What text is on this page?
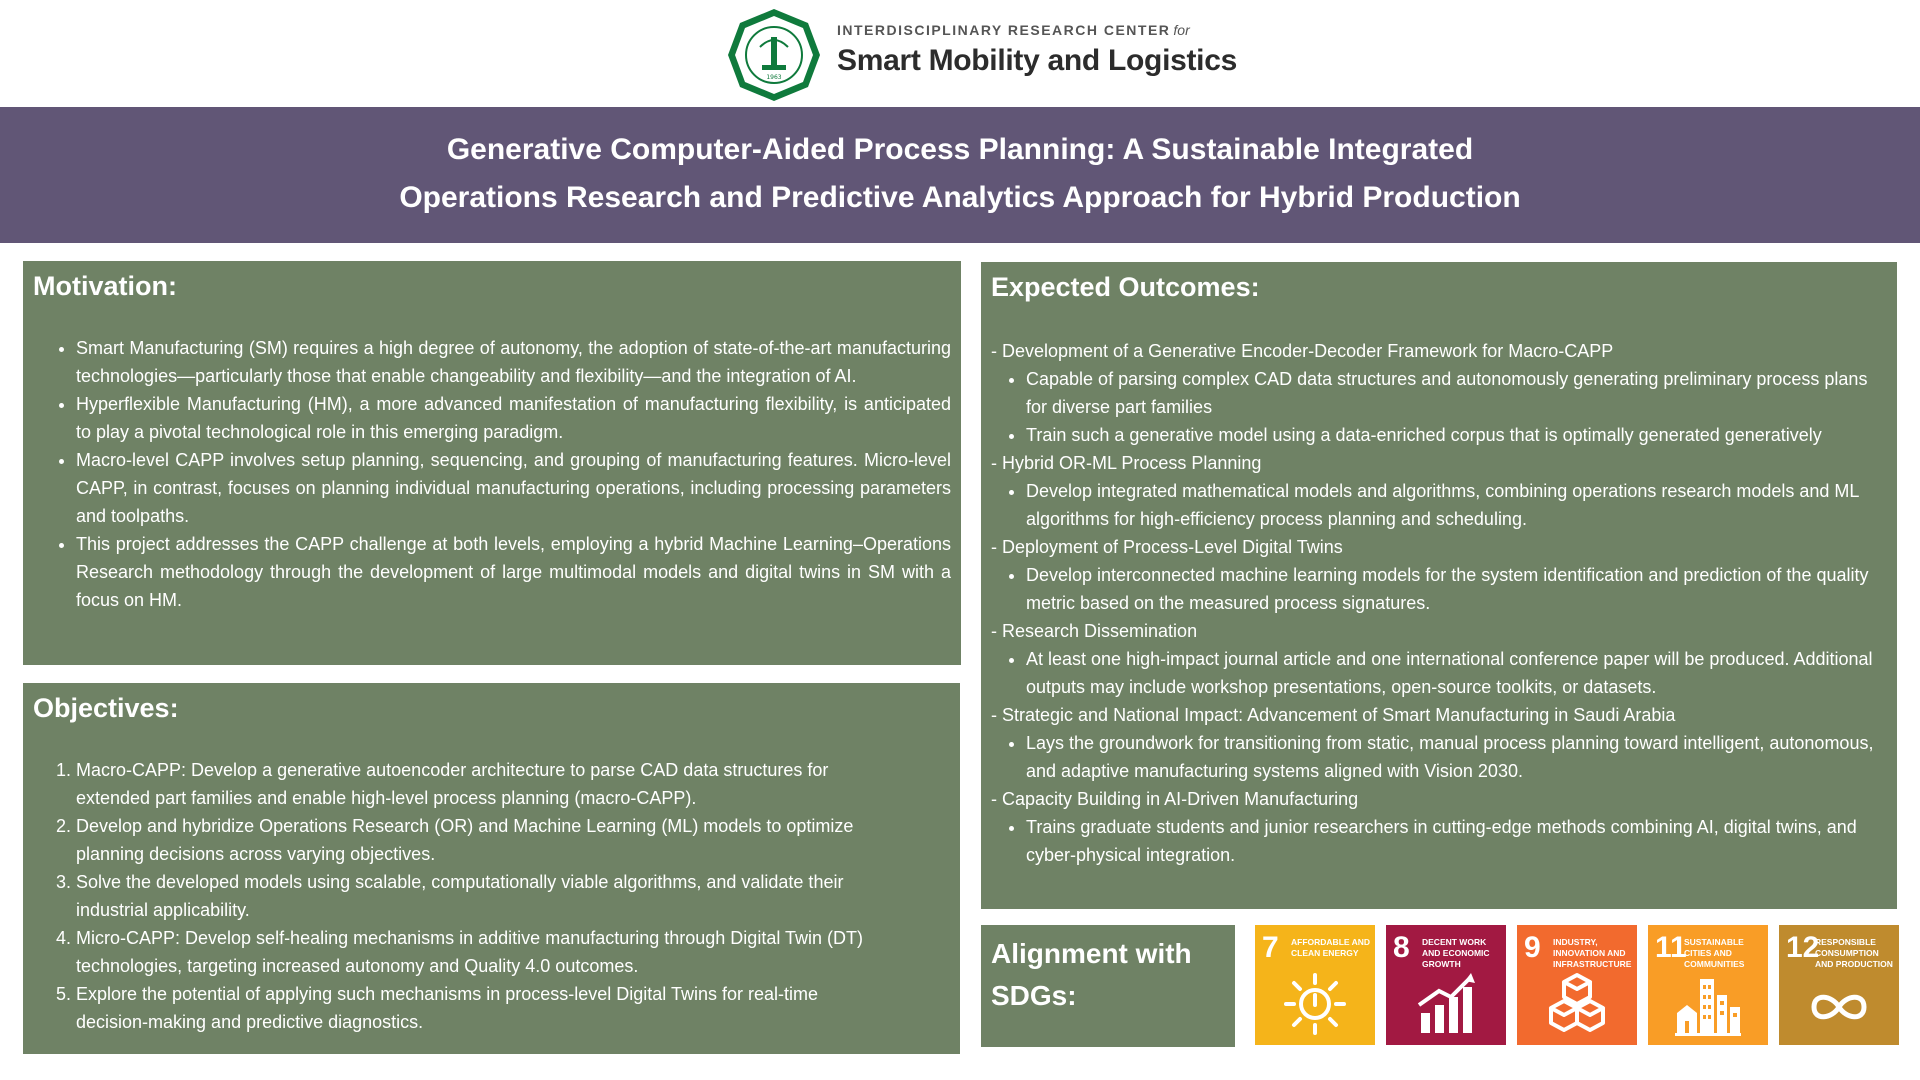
1963
INTERDISCIPLINARY RESEARCH CENTER for
Smart Mobility and Logistics
Generative Computer-Aided Process Planning: A Sustainable Integrated
Operations Research and Predictive Analytics Approach for Hybrid Production
Motivation:
• Smart Manufacturing (SM) requires a high degree of autonomy, the adoption of state-of-the-art manufacturing technologies—particularly those that enable changeability and flexibility—and the integration of AI.
• Hyperflexible Manufacturing (HM), a more advanced manifestation of manufacturing flexibility, is anticipated to play a pivotal technological role in this emerging paradigm.
• Macro-level CAPP involves setup planning, sequencing, and grouping of manufacturing features. Micro-level CAPP, in contrast, focuses on planning individual manufacturing operations, including processing parameters and toolpaths.
• This project addresses the CAPP challenge at both levels, employing a hybrid Machine Learning–Operations Research methodology through the development of large multimodal models and digital twins in SM with a focus on HM.
Objectives:
1. Macro-CAPP: Develop a generative autoencoder architecture to parse CAD data structures for extended part families and enable high-level process planning (macro-CAPP).
2. Develop and hybridize Operations Research (OR) and Machine Learning (ML) models to optimize planning decisions across varying objectives.
3. Solve the developed models using scalable, computationally viable algorithms, and validate their industrial applicability.
4. Micro-CAPP: Develop self-healing mechanisms in additive manufacturing through Digital Twin (DT) technologies, targeting increased autonomy and Quality 4.0 outcomes.
5. Explore the potential of applying such mechanisms in process-level Digital Twins for real-time decision-making and predictive diagnostics.
Expected Outcomes:
- Development of a Generative Encoder-Decoder Framework for Macro-CAPP
• Capable of parsing complex CAD data structures and autonomously generating preliminary process plans for diverse part families
• Train such a generative model using a data-enriched corpus that is optimally generated generatively
- Hybrid OR-ML Process Planning
• Develop integrated mathematical models and algorithms, combining operations research models and ML algorithms for high-efficiency process planning and scheduling.
- Deployment of Process-Level Digital Twins
• Develop interconnected machine learning models for the system identification and prediction of the quality metric based on the measured process signatures.
- Research Dissemination
• At least one high-impact journal article and one international conference paper will be produced. Additional outputs may include workshop presentations, open-source toolkits, or datasets.
- Strategic and National Impact: Advancement of Smart Manufacturing in Saudi Arabia
• Lays the groundwork for transitioning from static, manual process planning toward intelligent, autonomous, and adaptive manufacturing systems aligned with Vision 2030.
- Capacity Building in AI-Driven Manufacturing
• Trains graduate students and junior researchers in cutting-edge methods combining AI, digital twins, and cyber-physical integration.
Alignment with
SDGs:
7 AFFORDABLE AND CLEAN ENERGY	8 DECENT WORK AND ECONOMIC GROWTH	9 INDUSTRY, INNOVATION AND INFRASTRUCTURE 11
SUSTAINABLE CITIES AND COMMUNITIES	12
RESPONSIBLE CONSUMPTION AND PRODUCTION
